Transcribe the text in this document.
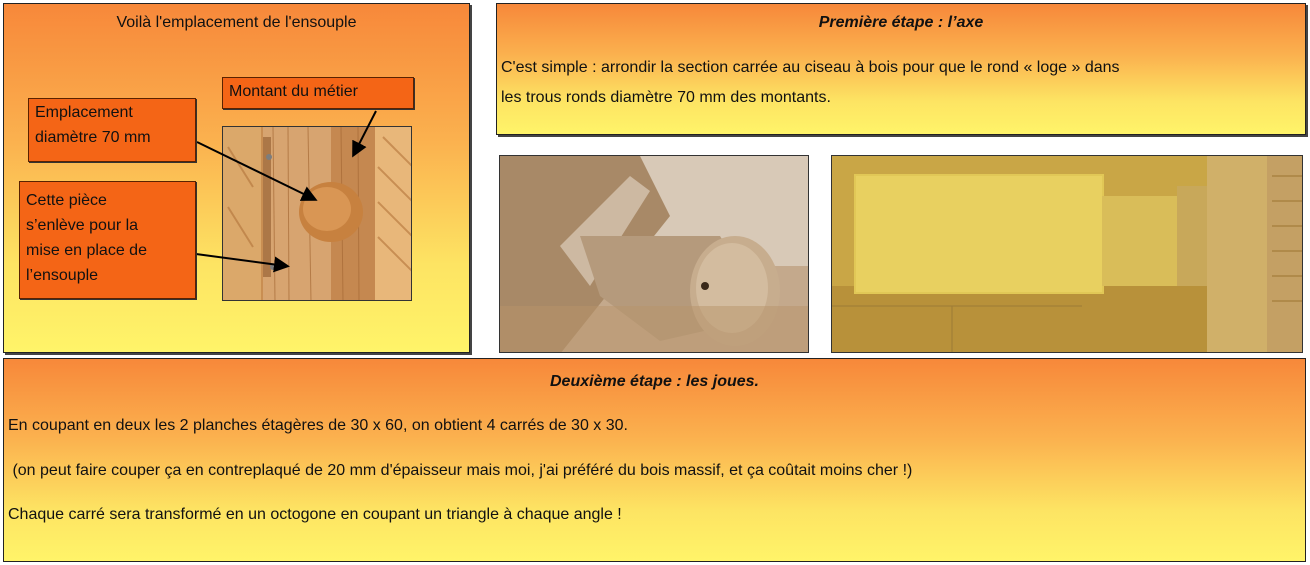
Voilà l'emplacement de l'ensouple
Montant du métier
Emplacement
diamètre 70 mm
Cette pièce
s’enlève pour la
mise en place de
l’ensouple
Première étape : l’axe
C'est simple : arrondir la section carrée au ciseau à bois pour que le rond « loge » dans
les trous ronds diamètre 70 mm des montants.
Deuxième étape : les joues.
En coupant en deux les 2 planches étagères de 30 x 60, on obtient 4 carrés de 30 x 30.
(on peut faire couper ça en contreplaqué de 20 mm d'épaisseur mais moi, j'ai préféré du bois massif, et ça coûtait moins cher !)
Chaque carré sera transformé en un octogone en coupant un triangle à chaque angle !
